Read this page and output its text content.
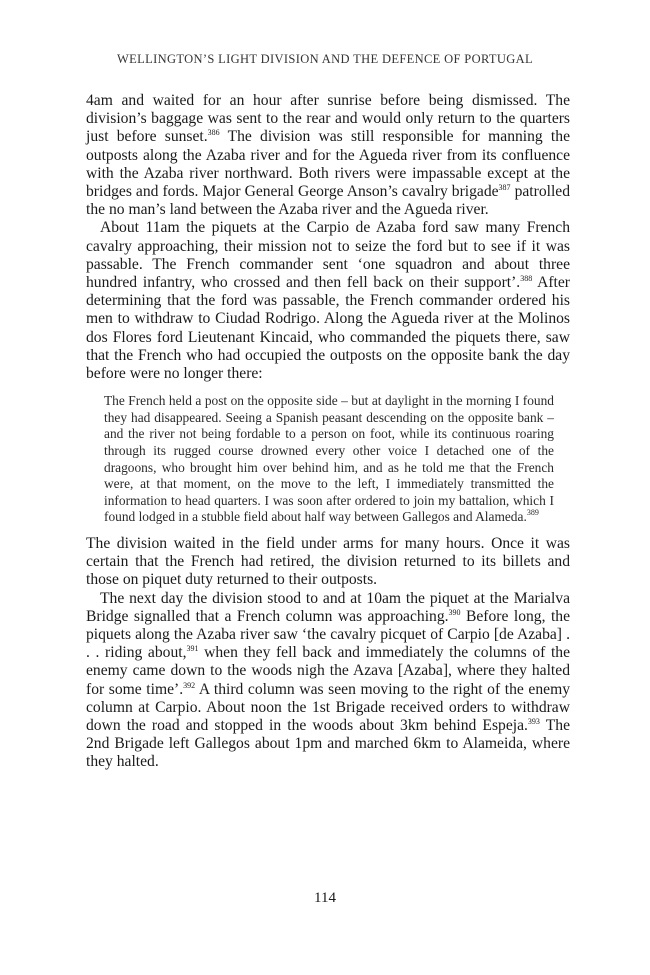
WELLINGTON’S LIGHT DIVISION AND THE DEFENCE OF PORTUGAL

4am and waited for an hour after sunrise before being dismissed. The division’s baggage was sent to the rear and would only return to the quarters just before sunset.$^{386}$ The division was still responsible for manning the outposts along the Azaba river and for the Agueda river from its confluence with the Azaba river northward. Both rivers were impassable except at the bridges and fords. Major General George Anson’s cavalry brigade$^{387}$ patrolled the no man’s land between the Azaba river and the Agueda river.

About 11am the piquets at the Carpio de Azaba ford saw many French cavalry approaching, their mission not to seize the ford but to see if it was passable. The French commander sent ‘one squadron and about three hundred infantry, who crossed and then fell back on their support’.$^{388}$ After determining that the ford was passable, the French commander ordered his men to withdraw to Ciudad Rodrigo. Along the Agueda river at the Molinos dos Flores ford Lieutenant Kincaid, who commanded the piquets there, saw that the French who had occupied the outposts on the opposite bank the day before were no longer there:

The French held a post on the opposite side – but at daylight in the morning I found they had disappeared. Seeing a Spanish peasant descending on the opposite bank – and the river not being fordable to a person on foot, while its continuous roaring through its rugged course drowned every other voice I detached one of the dragoons, who brought him over behind him, and as he told me that the French were, at that moment, on the move to the left, I immediately transmitted the information to head quarters. I was soon after ordered to join my battalion, which I found lodged in a stubble field about half way between Gallegos and Alameda.$^{389}$

The division waited in the field under arms for many hours. Once it was certain that the French had retired, the division returned to its billets and those on piquet duty returned to their outposts.

The next day the division stood to and at 10am the piquet at the Marialva Bridge signalled that a French column was approaching.$^{390}$ Before long, the piquets along the Azaba river saw ‘the cavalry picquet of Carpio [de Azaba] . . . riding about,$^{391}$ when they fell back and immediately the columns of the enemy came down to the woods nigh the Azava [Azaba], where they halted for some time’.$^{392}$ A third column was seen moving to the right of the enemy column at Carpio. About noon the 1st Brigade received orders to withdraw down the road and stopped in the woods about 3km behind Espeja.$^{393}$ The 2nd Brigade left Gallegos about 1pm and marched 6km to Alameida, where they halted.

114
